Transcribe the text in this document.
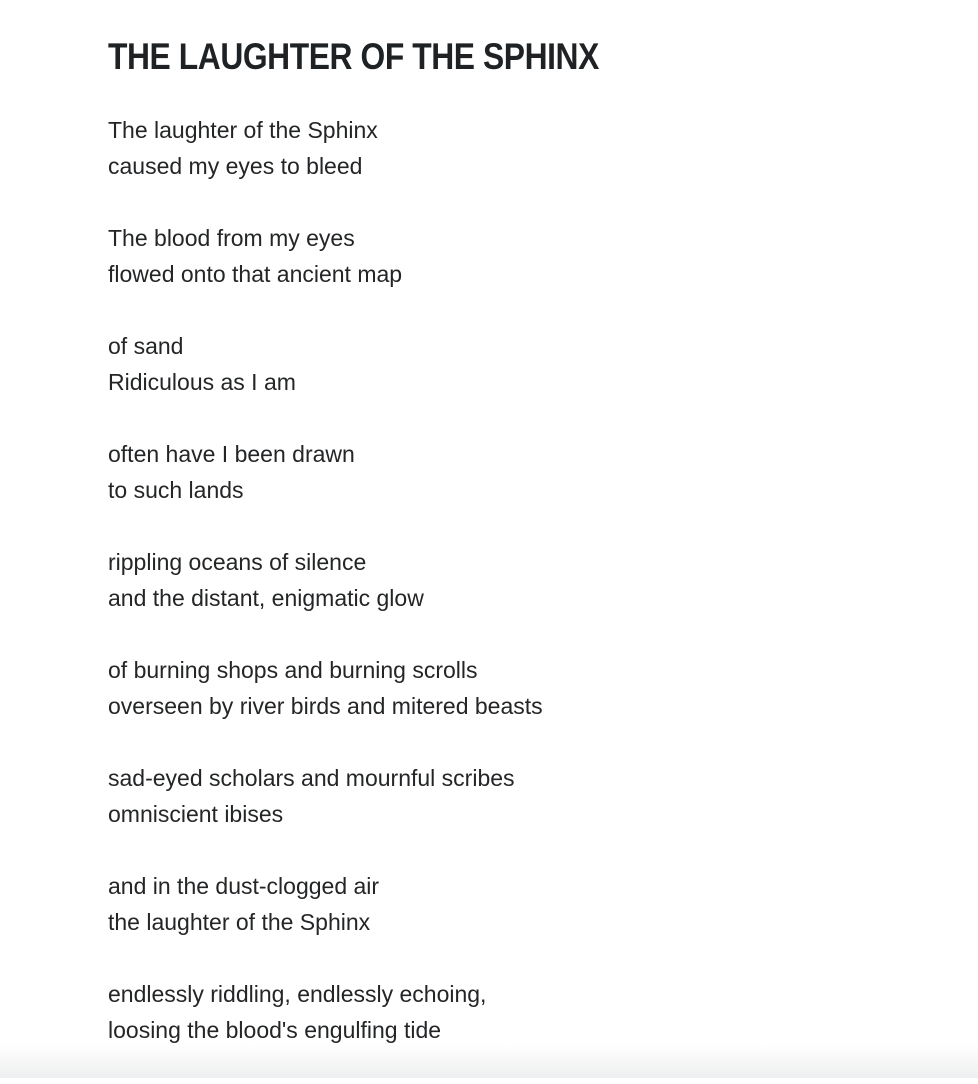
THE LAUGHTER OF THE SPHINX
The laughter of the Sphinx
caused my eyes to bleed
The blood from my eyes
flowed onto that ancient map
of sand
Ridiculous as I am
often have I been drawn
to such lands
rippling oceans of silence
and the distant, enigmatic glow
of burning shops and burning scrolls
overseen by river birds and mitered beasts
sad-eyed scholars and mournful scribes
omniscient ibises
and in the dust-clogged air
the laughter of the Sphinx
endlessly riddling, endlessly echoing,
loosing the blood's engulfing tide
